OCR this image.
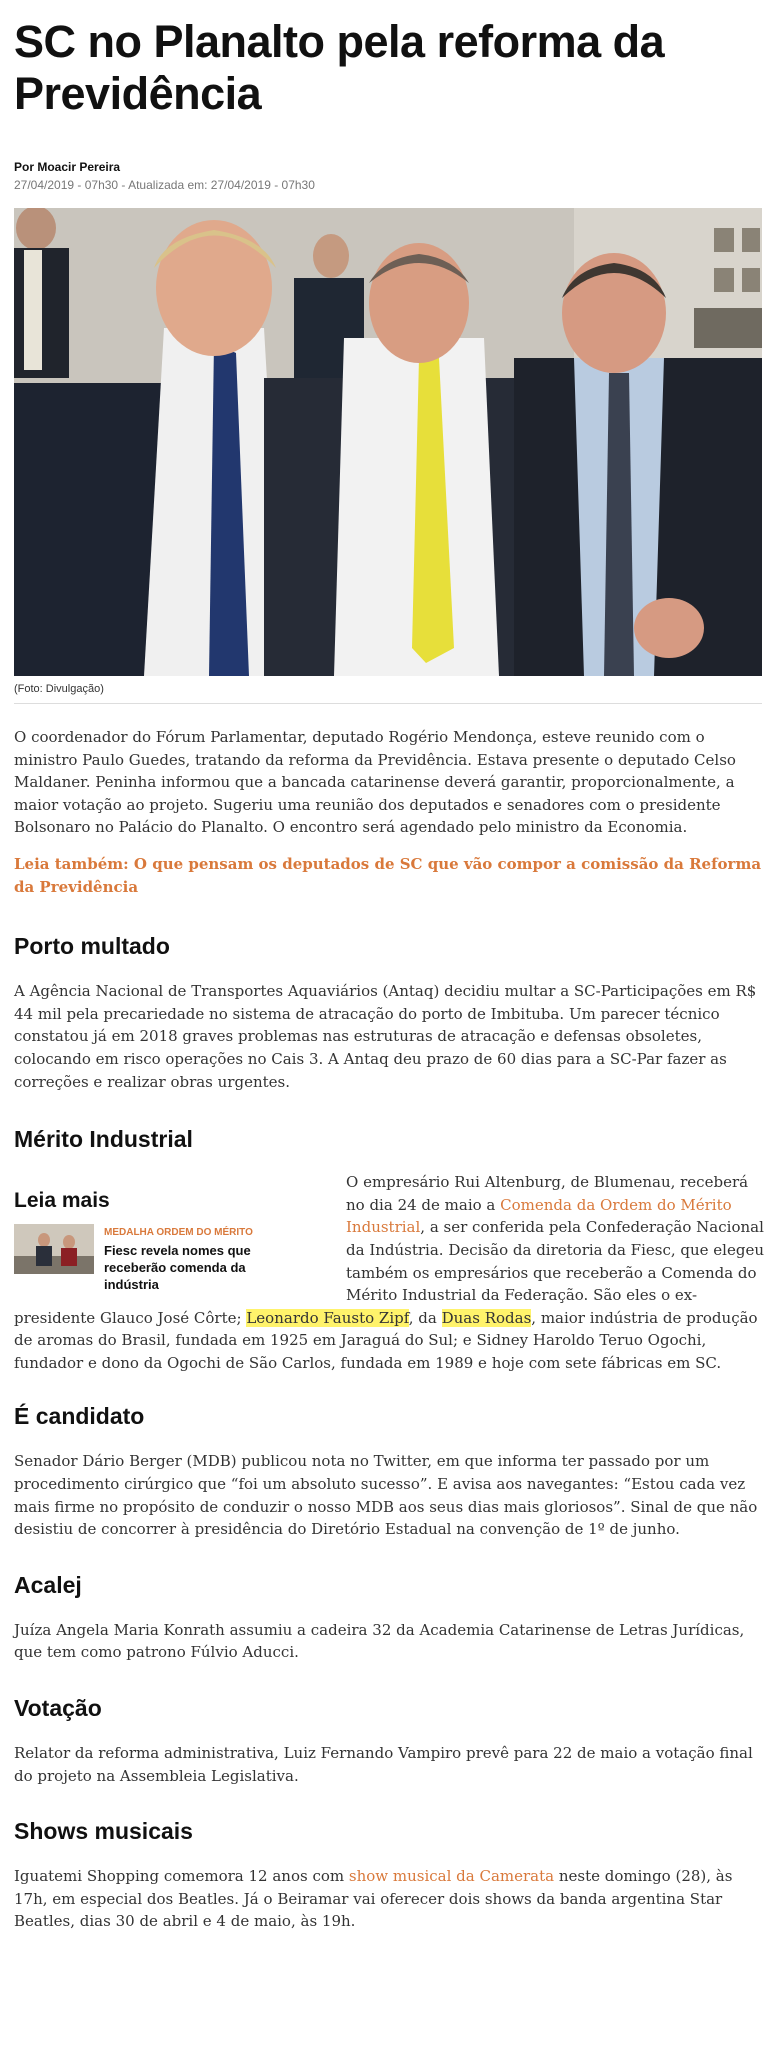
SC no Planalto pela reforma da Previdência
Por Moacir Pereira
27/04/2019 - 07h30 - Atualizada em: 27/04/2019 - 07h30
(Foto: Divulgação)

O coordenador do Fórum Parlamentar, deputado Rogério Mendonça, esteve reunido com o ministro Paulo Guedes, tratando da reforma da Previdência. Estava presente o deputado Celso Maldaner. Peninha informou que a bancada catarinense deverá garantir, proporcionalmente, a maior votação ao projeto. Sugeriu uma reunião dos deputados e senadores com o presidente Bolsonaro no Palácio do Planalto. O encontro será agendado pelo ministro da Economia.

Leia também: O que pensam os deputados de SC que vão compor a comissão da Reforma da Previdência
Porto multado

A Agência Nacional de Transportes Aquaviários (Antaq) decidiu multar a SC-Participações em R$ 44 mil pela precariedade no sistema de atracação do porto de Imbituba. Um parecer técnico constatou já em 2018 graves problemas nas estruturas de atracação e defensas obsoletes, colocando em risco operações no Cais 3. A Antaq deu prazo de 60 dias para a SC-Par fazer as correções e realizar obras urgentes.

Mérito Industrial
Leia mais
MEDALHA ORDEM DO MÉRITO
Fiesc revela nomes que receberão comenda da indústria

O empresário Rui Altenburg, de Blumenau, receberá no dia 24 de maio a Comenda da Ordem do Mérito Industrial, a ser conferida pela Confederação Nacional da Indústria. Decisão da diretoria da Fiesc, que elegeu também os empresários que receberão a Comenda do Mérito Industrial da Federação. São eles o ex-presidente Glauco José Côrte; Leonardo Fausto Zipf, da Duas Rodas, maior indústria de produção de aromas do Brasil, fundada em 1925 em Jaraguá do Sul; e Sidney Haroldo Teruo Ogochi, fundador e dono da Ogochi de São Carlos, fundada em 1989 e hoje com sete fábricas em SC.

É candidato

Senador Dário Berger (MDB) publicou nota no Twitter, em que informa ter passado por um procedimento cirúrgico que “foi um absoluto sucesso”. E avisa aos navegantes: “Estou cada vez mais firme no propósito de conduzir o nosso MDB aos seus dias mais gloriosos”. Sinal de que não desistiu de concorrer à presidência do Diretório Estadual na convenção de 1º de junho.

Acalej

Juíza Angela Maria Konrath assumiu a cadeira 32 da Academia Catarinense de Letras Jurídicas, que tem como patrono Fúlvio Aducci.

Votação

Relator da reforma administrativa, Luiz Fernando Vampiro prevê para 22 de maio a votação final do projeto na Assembleia Legislativa.

Shows musicais

Iguatemi Shopping comemora 12 anos com show musical da Camerata neste domingo (28), às 17h, em especial dos Beatles. Já o Beiramar vai oferecer dois shows da banda argentina Star Beatles, dias 30 de abril e 4 de maio, às 19h.
